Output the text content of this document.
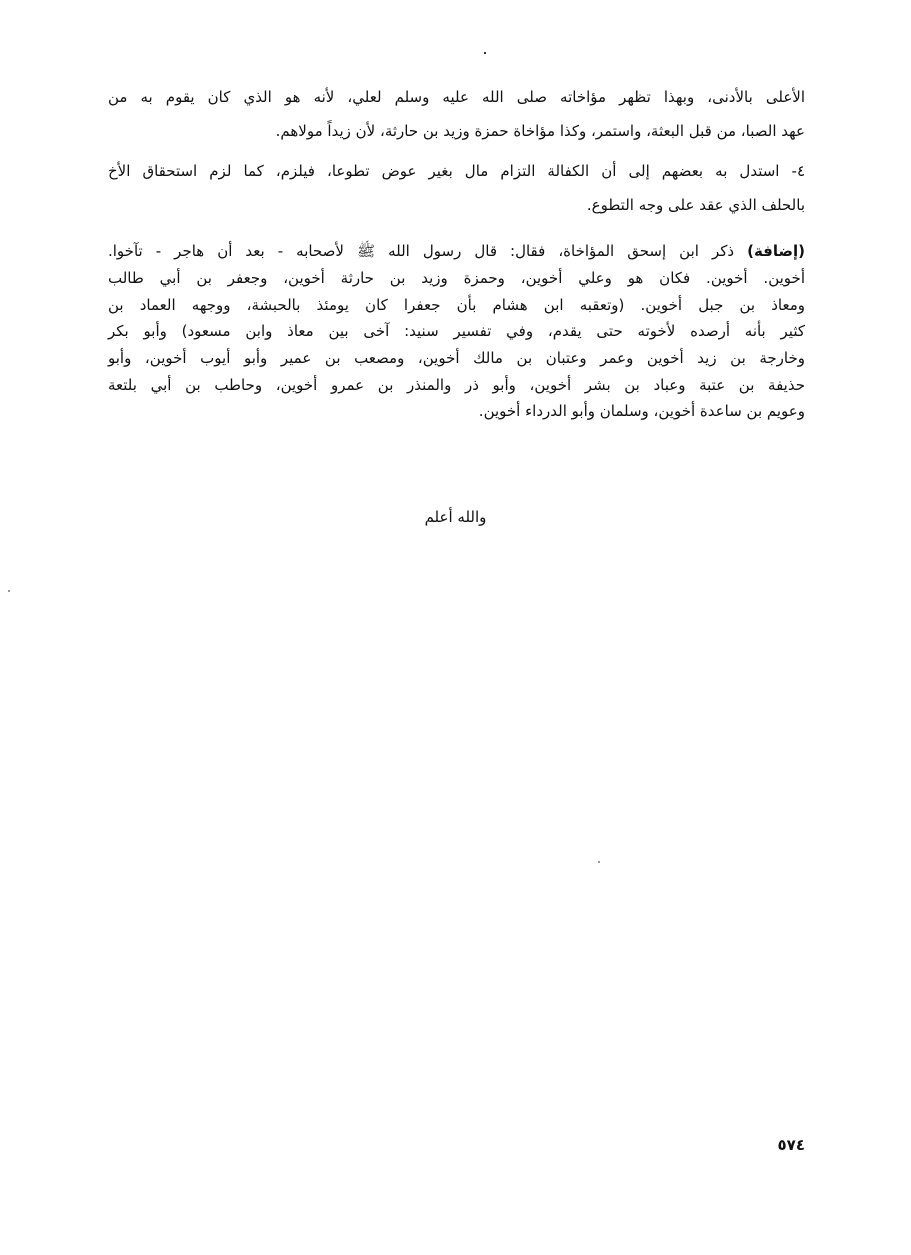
الأعلى بالأدنى، وبهذا تظهر مؤاخاته صلى الله عليه وسلم لعلي، لأنه هو الذي كان يقوم به من
عهد الصبا، من قبل البعثة، واستمر، وكذا مؤاخاة حمزة وزيد بن حارثة، لأن زيداً مولاهم.
٤- استدل به بعضهم إلى أن الكفالة التزام مال بغير عوض تطوعا، فيلزم، كما لزم استحقاق الأخ
بالحلف الذي عقد على وجه التطوع.
(إضافة) ذكر ابن إسحق المؤاخاة، فقال: قال رسول الله ﷺ لأصحابه - بعد أن هاجر - تآخوا.
أخوين. أخوين. فكان هو وعلي أخوين، وحمزة وزيد بن حارثة أخوين، وجعفر بن أبي طالب
ومعاذ بن جبل أخوين. (وتعقبه ابن هشام بأن جعفرا كان يومئذ بالحبشة، ووجهه العماد بن
كثير بأنه أرصده لأخوته حتى يقدم، وفي تفسير سنيد: آخى بين معاذ وابن مسعود) وأبو بكر
وخارجة بن زيد أخوين وعمر وعتبان بن مالك أخوين، ومصعب بن عمير وأبو أيوب أخوين، وأبو
حذيفة بن عتبة وعباد بن بشر أخوين، وأبو ذر والمنذر بن عمرو أخوين، وحاطب بن أبي بلتعة
وعويم بن ساعدة أخوين، وسلمان وأبو الدرداء أخوين.
والله أعلم
٥٧٤
